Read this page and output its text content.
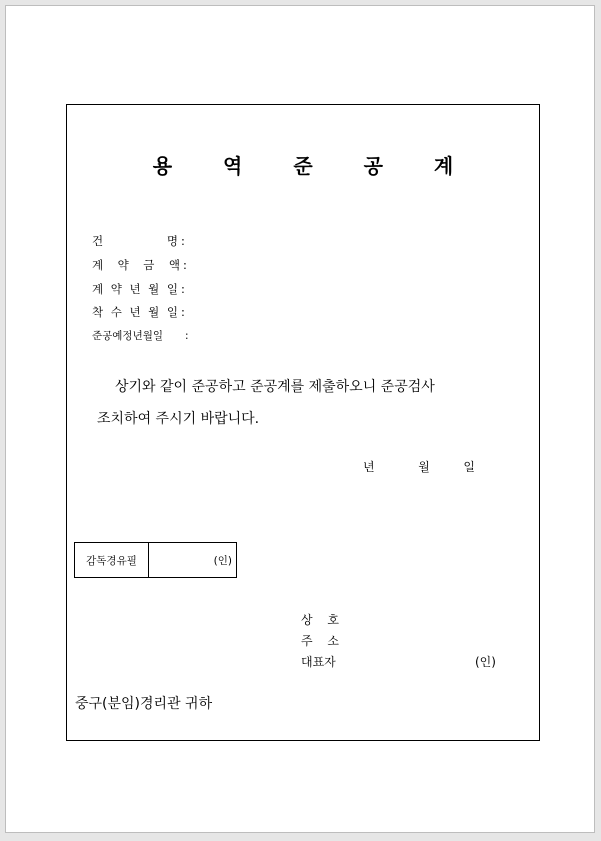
용 역 준 공 계
건	명 :
계 약 금 액 :
계 약 년 월 일 :
착 수 년 월 일 :
준공예정년월일 :
상기와 같이 준공하고 준공계를 제출하오니 준공검사
조치하여 주시기 바랍니다.
년	월	일
감독경유필	(인)
상 호
주 소
대표자	(인)
중구(분임)경리관 귀하
